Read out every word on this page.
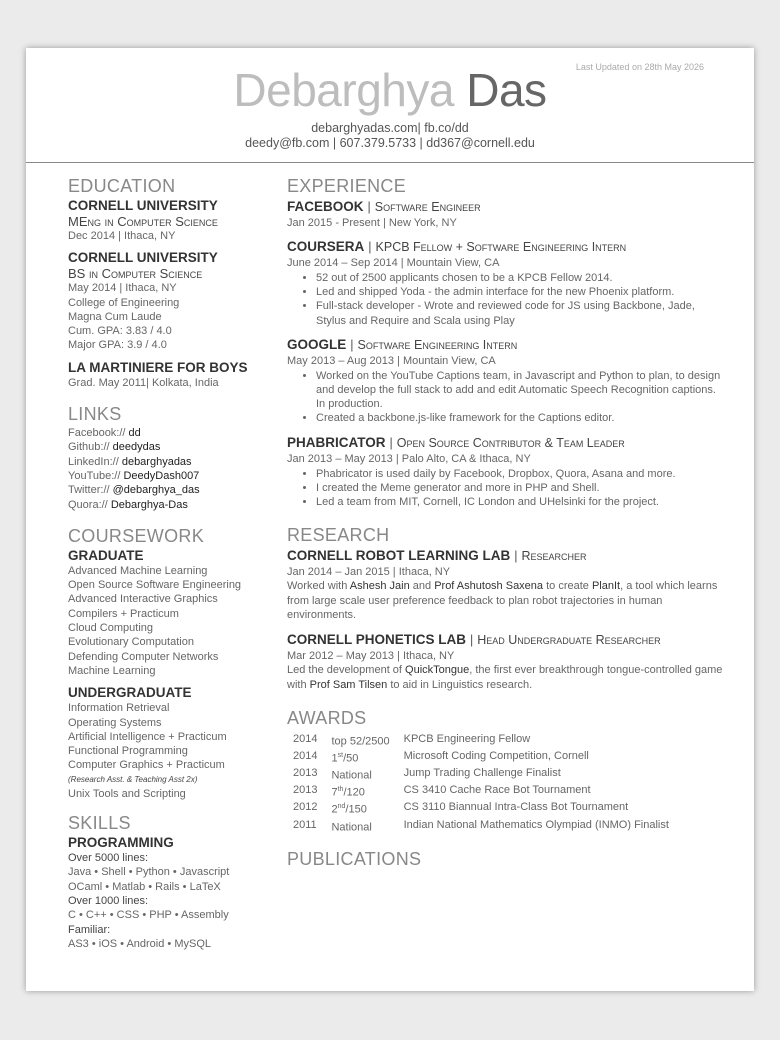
Last Updated on 28th May 2026
Debarghya Das
debarghyadas.com| fb.co/dd
deedy@fb.com | 607.379.5733 | dd367@cornell.edu
EDUCATION
CORNELL UNIVERSITY
MEng in Computer Science
Dec 2014 | Ithaca, NY
CORNELL UNIVERSITY
BS in Computer Science
May 2014 | Ithaca, NY
College of Engineering
Magna Cum Laude
Cum. GPA: 3.83 / 4.0
Major GPA: 3.9 / 4.0
LA MARTINIERE FOR BOYS
Grad. May 2011| Kolkata, India
LINKS
Facebook:// dd
Github:// deedydas
LinkedIn:// debarghyadas
YouTube:// DeedyDash007
Twitter:// @debarghya_das
Quora:// Debarghya-Das
COURSEWORK
GRADUATE
Advanced Machine Learning
Open Source Software Engineering
Advanced Interactive Graphics
Compilers + Practicum
Cloud Computing
Evolutionary Computation
Defending Computer Networks
Machine Learning
UNDERGRADUATE
Information Retrieval
Operating Systems
Artificial Intelligence + Practicum
Functional Programming
Computer Graphics + Practicum
(Research Asst. & Teaching Asst 2x)
Unix Tools and Scripting
SKILLS
PROGRAMMING
Over 5000 lines:
Java • Shell • Python • Javascript
OCaml • Matlab • Rails • LaTeX
Over 1000 lines:
C • C++ • CSS • PHP • Assembly
Familiar:
AS3 • iOS • Android • MySQL
EXPERIENCE
FACEBOOK | Software Engineer
Jan 2015 - Present | New York, NY
COURSERA | KPCB Fellow + Software Engineering Intern
June 2014 – Sep 2014 | Mountain View, CA
• 52 out of 2500 applicants chosen to be a KPCB Fellow 2014.
• Led and shipped Yoda - the admin interface for the new Phoenix platform.
• Full-stack developer - Wrote and reviewed code for JS using Backbone, Jade, Stylus and Require and Scala using Play
GOOGLE | Software Engineering Intern
May 2013 – Aug 2013 | Mountain View, CA
• Worked on the YouTube Captions team, in Javascript and Python to plan, to design and develop the full stack to add and edit Automatic Speech Recognition captions. In production.
• Created a backbone.js-like framework for the Captions editor.
PHABRICATOR | Open Source Contributor & Team Leader
Jan 2013 – May 2013 | Palo Alto, CA & Ithaca, NY
• Phabricator is used daily by Facebook, Dropbox, Quora, Asana and more.
• I created the Meme generator and more in PHP and Shell.
• Led a team from MIT, Cornell, IC London and UHelsinki for the project.
RESEARCH
CORNELL ROBOT LEARNING LAB | Researcher
Jan 2014 – Jan 2015 | Ithaca, NY
Worked with Ashesh Jain and Prof Ashutosh Saxena to create PlanIt, a tool which learns from large scale user preference feedback to plan robot trajectories in human environments.
CORNELL PHONETICS LAB | Head Undergraduate Researcher
Mar 2012 – May 2013 | Ithaca, NY
Led the development of QuickTongue, the first ever breakthrough tongue-controlled game with Prof Sam Tilsen to aid in Linguistics research.
AWARDS
2014	top 52/2500	KPCB Engineering Fellow
2014	1st/50	Microsoft Coding Competition, Cornell
2013	National	Jump Trading Challenge Finalist
2013	7th/120	CS 3410 Cache Race Bot Tournament
2012	2nd/150	CS 3110 Biannual Intra-Class Bot Tournament
2011	National	Indian National Mathematics Olympiad (INMO) Finalist
PUBLICATIONS
